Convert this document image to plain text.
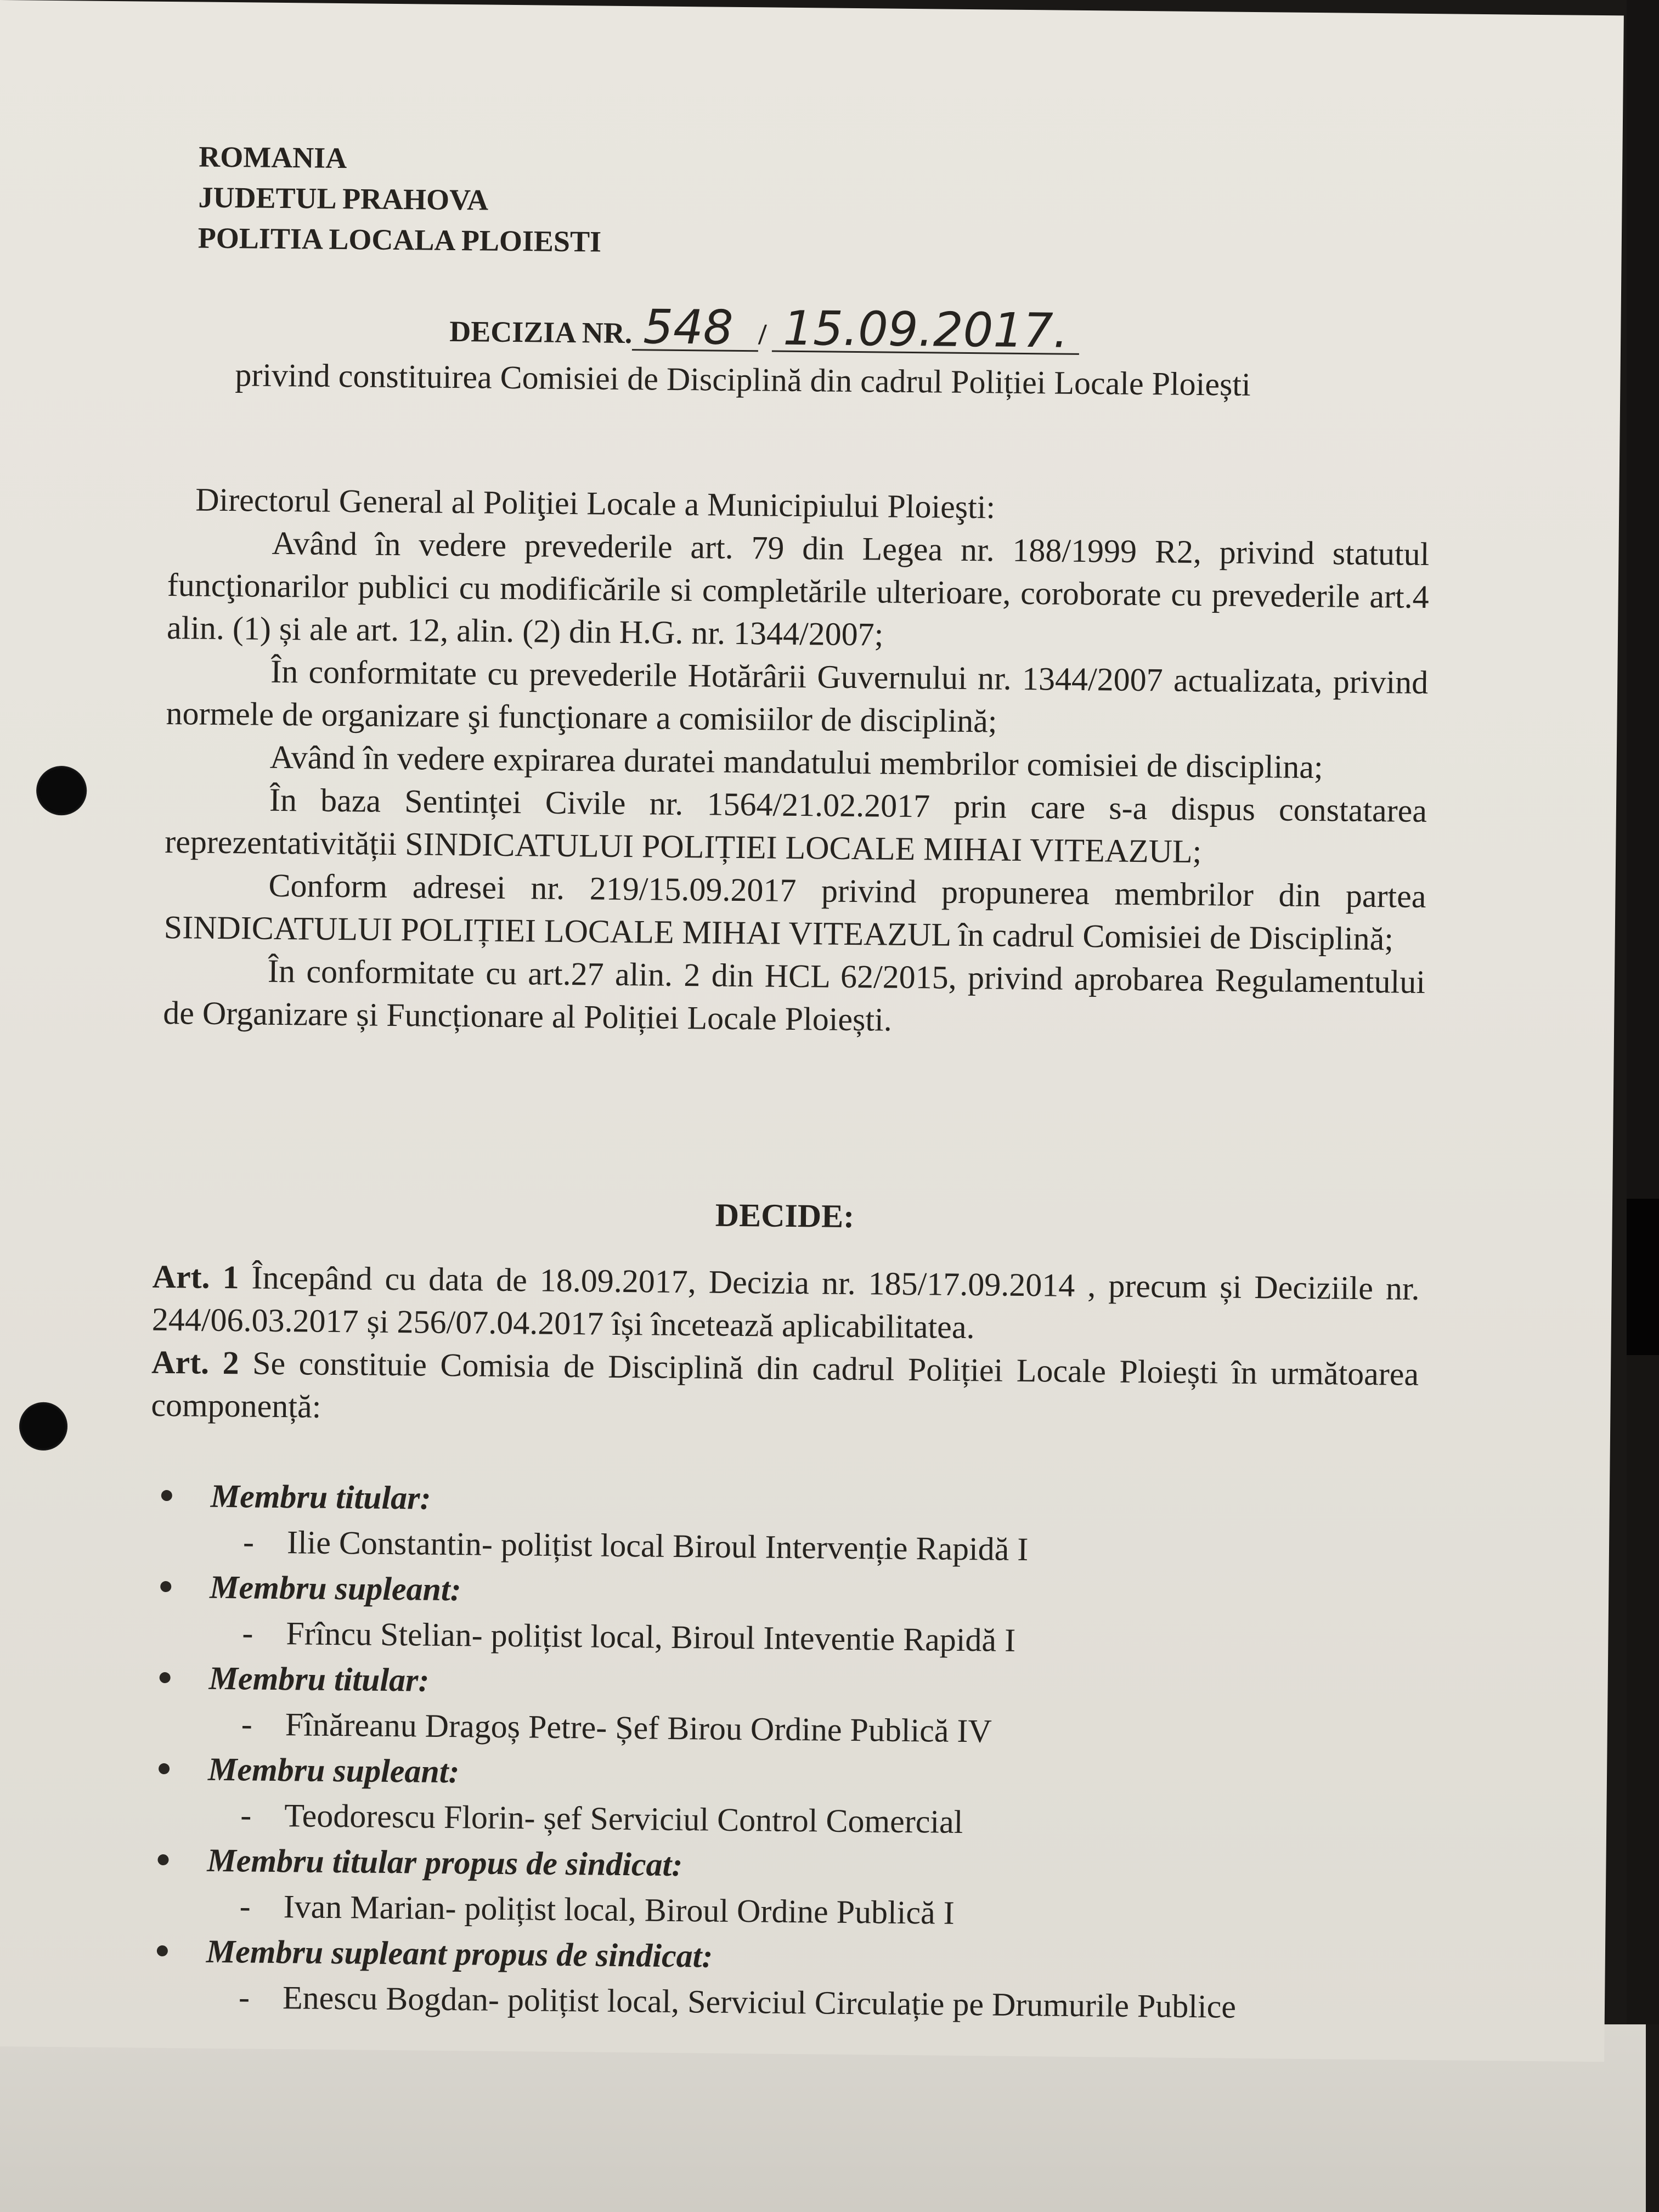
ROMANIA
JUDETUL PRAHOVA
POLITIA LOCALA PLOIESTI
DECIZIA NR. 548 / 15.09.2017.
privind constituirea Comisiei de Disciplină din cadrul Poliției Locale Ploiești

Directorul General al Poliţiei Locale a Municipiului Ploieşti:

Având în vedere prevederile art. 79 din Legea nr. 188/1999 R2, privind statutul funcţionarilor publici cu modificările si completările ulterioare, coroborate cu prevederile art.4 alin. (1) și ale art. 12, alin. (2) din H.G. nr. 1344/2007;

În conformitate cu prevederile Hotărârii Guvernului nr. 1344/2007 actualizata, privind normele de organizare şi funcţionare a comisiilor de disciplină;

Având în vedere expirarea duratei mandatului membrilor comisiei de disciplina;

În baza Sentinței Civile nr. 1564/21.02.2017 prin care s-a dispus constatarea reprezentativității SINDICATULUI POLIȚIEI LOCALE MIHAI VITEAZUL;

Conform adresei nr. 219/15.09.2017 privind propunerea membrilor din partea SINDICATULUI POLIȚIEI LOCALE MIHAI VITEAZUL în cadrul Comisiei de Disciplină;

În conformitate cu art.27 alin. 2 din HCL 62/2015, privind aprobarea Regulamentului de Organizare și Funcționare al Poliției Locale Ploiești.

DECIDE:

Art. 1 Începând cu data de 18.09.2017, Decizia nr. 185/17.09.2014 , precum și Deciziile nr. 244/06.03.2017 și 256/07.04.2017 își încetează aplicabilitatea.

Art. 2 Se constituie Comisia de Disciplină din cadrul Poliției Locale Ploiești în următoarea componență:

Membru titular:
- Ilie Constantin- polițist local Biroul Intervenție Rapidă I
Membru supleant:
- Frîncu Stelian- polițist local, Biroul Inteventie Rapidă I
Membru titular:
- Fînăreanu Dragoș Petre- Șef Birou Ordine Publică IV
Membru supleant:
- Teodorescu Florin- șef Serviciul Control Comercial
Membru titular propus de sindicat:
- Ivan Marian- polițist local, Biroul Ordine Publică I
Membru supleant propus de sindicat:
- Enescu Bogdan- polițist local, Serviciul Circulație pe Drumurile Publice
